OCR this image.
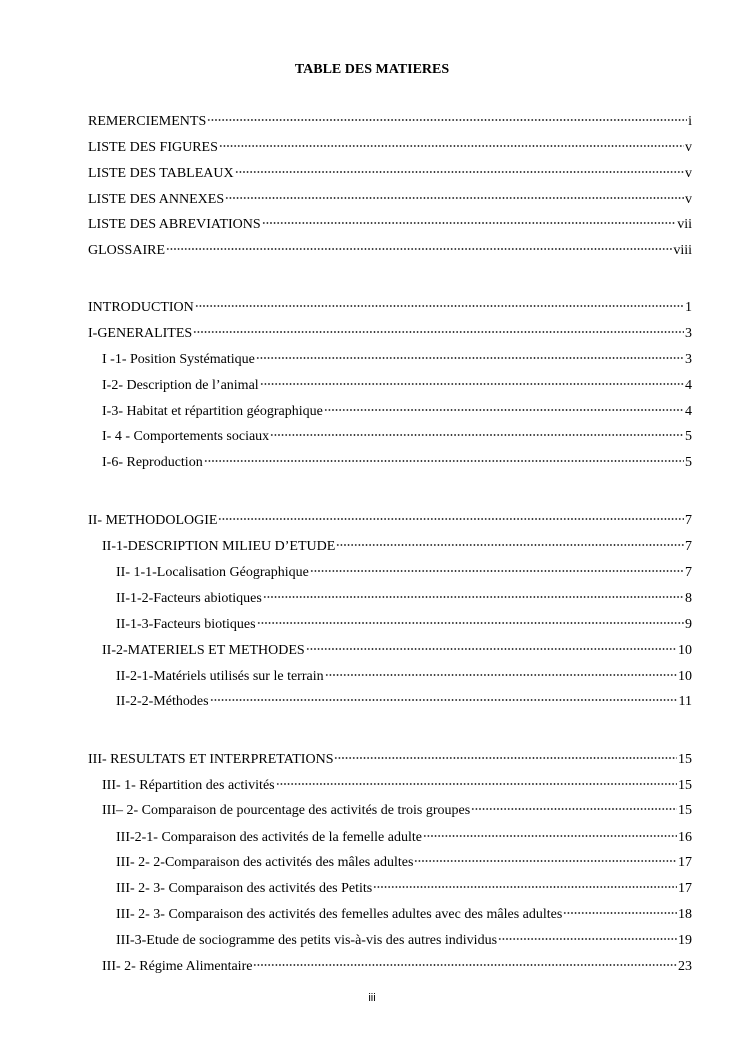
TABLE DES MATIERES
REMERCIEMENTS	i
LISTE DES FIGURES	v
LISTE DES TABLEAUX	v
LISTE DES ANNEXES	v
LISTE DES ABREVIATIONS	vii
GLOSSAIRE	viii
INTRODUCTION	1
I-GENERALITES	3
I -1- Position Systématique	3
I-2- Description de l’animal	4
I-3- Habitat et répartition géographique	4
I- 4 - Comportements sociaux	5
I-6- Reproduction	5
II- METHODOLOGIE	7
II-1-DESCRIPTION MILIEU D’ETUDE	7
II- 1-1-Localisation Géographique	7
II-1-2-Facteurs abiotiques	8
II-1-3-Facteurs biotiques	9
II-2-MATERIELS ET METHODES	10
II-2-1-Matériels utilisés sur le terrain	10
II-2-2-Méthodes	11
III- RESULTATS ET INTERPRETATIONS	15
III- 1- Répartition des activités	15
III– 2- Comparaison de pourcentage des activités de trois groupes	15
III-2-1- Comparaison des activités de la femelle adulte	16
III- 2- 2-Comparaison des activités des mâles adultes	17
III- 2- 3- Comparaison des activités des Petits	17
III- 2- 3- Comparaison des activités des femelles adultes avec des mâles adultes	18
III-3-Etude de sociogramme des petits vis-à-vis des autres individus	19
III- 2- Régime Alimentaire	23
iii
